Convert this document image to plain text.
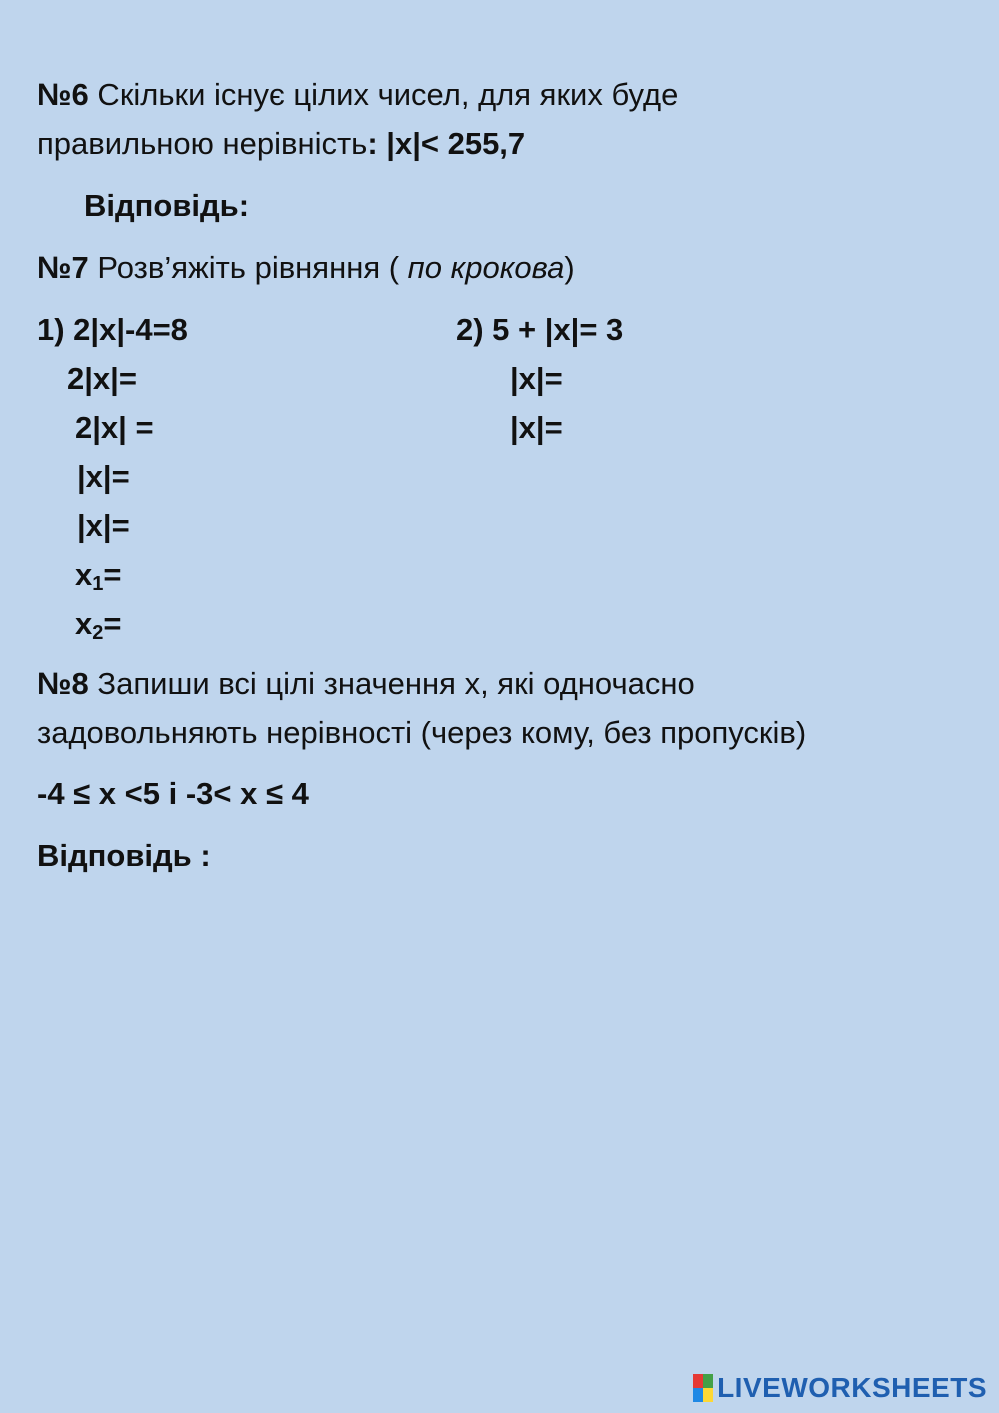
№6 Скільки існує цілих чисел, для яких буде
правильною нерівність: |x|< 255,7
Відповідь:
№7 Розв’яжіть рівняння ( по крокова)
1) 2|x|-4=8
2|x|=
2|x| =
|x|=
|x|=
$x_1=$
$x_2=$
2) 5 + |x|= 3
|x|=
|x|=
№8 Запиши всі цілі значення х, які одночасно
задовольняють нерівності (через кому, без пропусків)
-4 ≤ x <5 і -3< x ≤ 4
Відповідь :
LIVEWORKSHEETS
